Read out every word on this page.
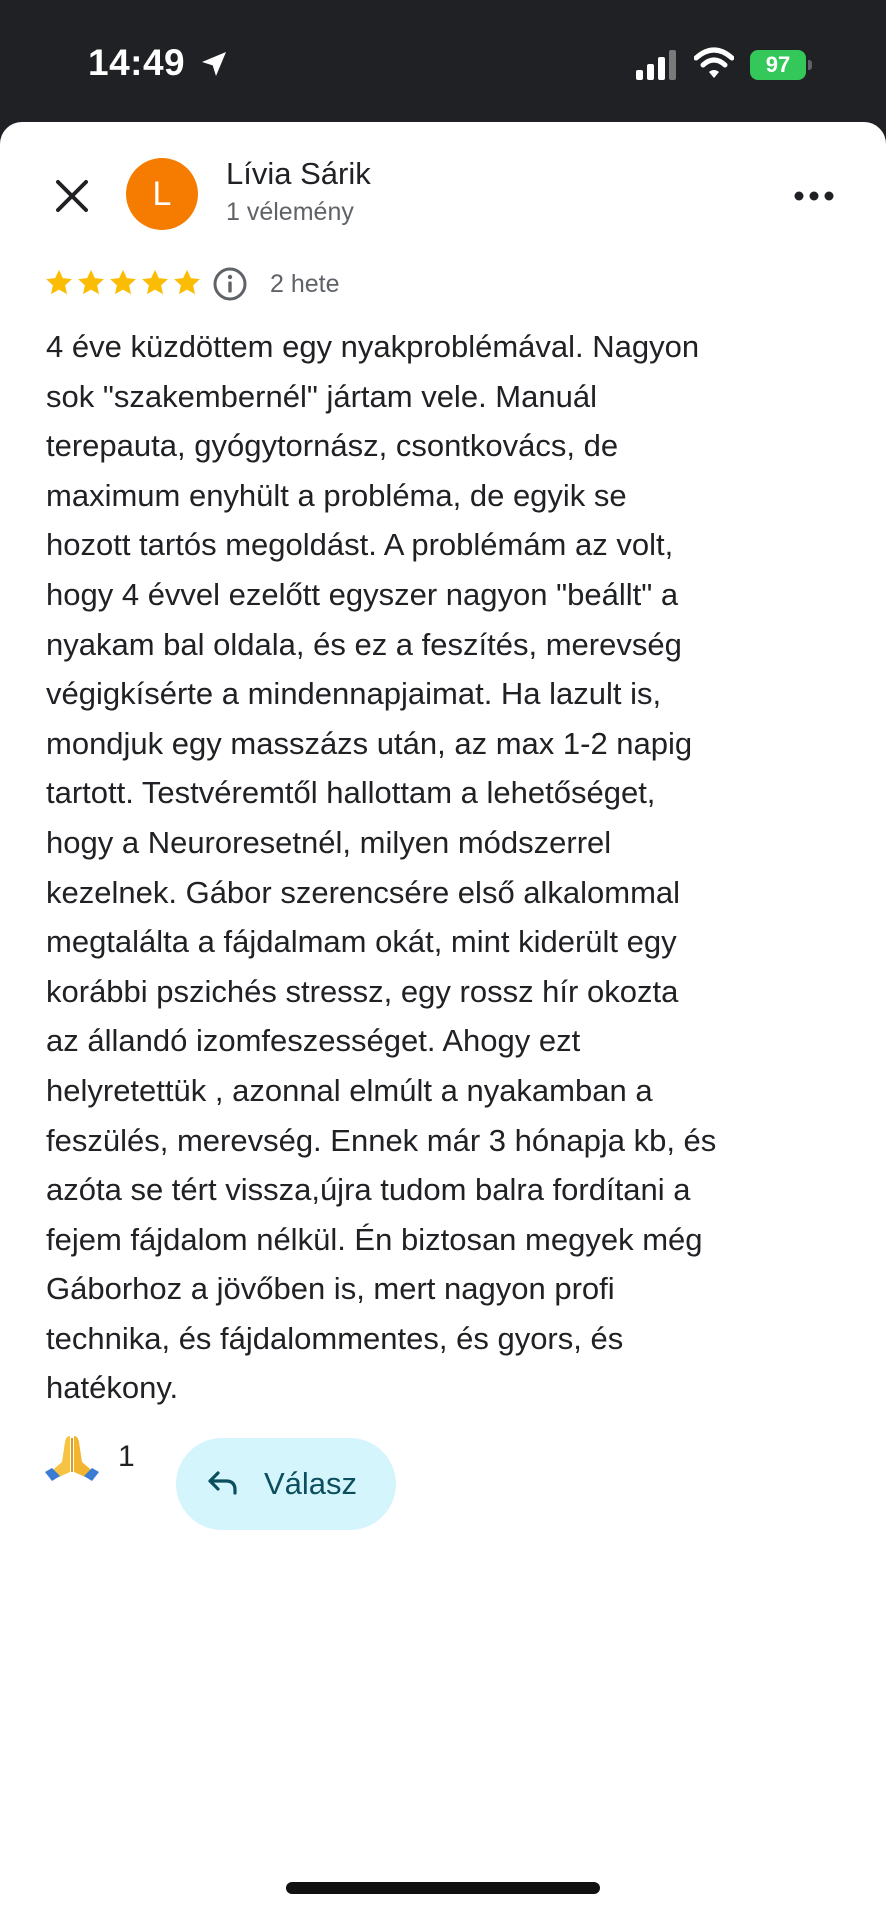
14:49	97
L
Lívia Sárik
1 vélemény
2 hete
4 éve küzdöttem egy nyakproblémával. Nagyon
sok "szakembernél" jártam vele. Manuál
terepauta, gyógytornász, csontkovács, de
maximum enyhült a probléma, de egyik se
hozott tartós megoldást. A problémám az volt,
hogy 4 évvel ezelőtt egyszer nagyon "beállt" a
nyakam bal oldala, és ez a feszítés, merevség
végigkísérte a mindennapjaimat. Ha lazult is,
mondjuk egy masszázs után, az max 1-2 napig
tartott. Testvéremtől hallottam a lehetőséget,
hogy a Neuroresetnél, milyen módszerrel
kezelnek. Gábor szerencsére első alkalommal
megtalálta a fájdalmam okát, mint kiderült egy
korábbi pszichés stressz, egy rossz hír okozta
az állandó izomfeszességet. Ahogy ezt
helyretettük , azonnal elmúlt a nyakamban a
feszülés, merevség. Ennek már 3 hónapja kb, és
azóta se tért vissza,újra tudom balra fordítani a
fejem fájdalom nélkül. Én biztosan megyek még
Gáborhoz a jövőben is, mert nagyon profi
technika, és fájdalommentes, és gyors, és
hatékony.
1
Válasz
